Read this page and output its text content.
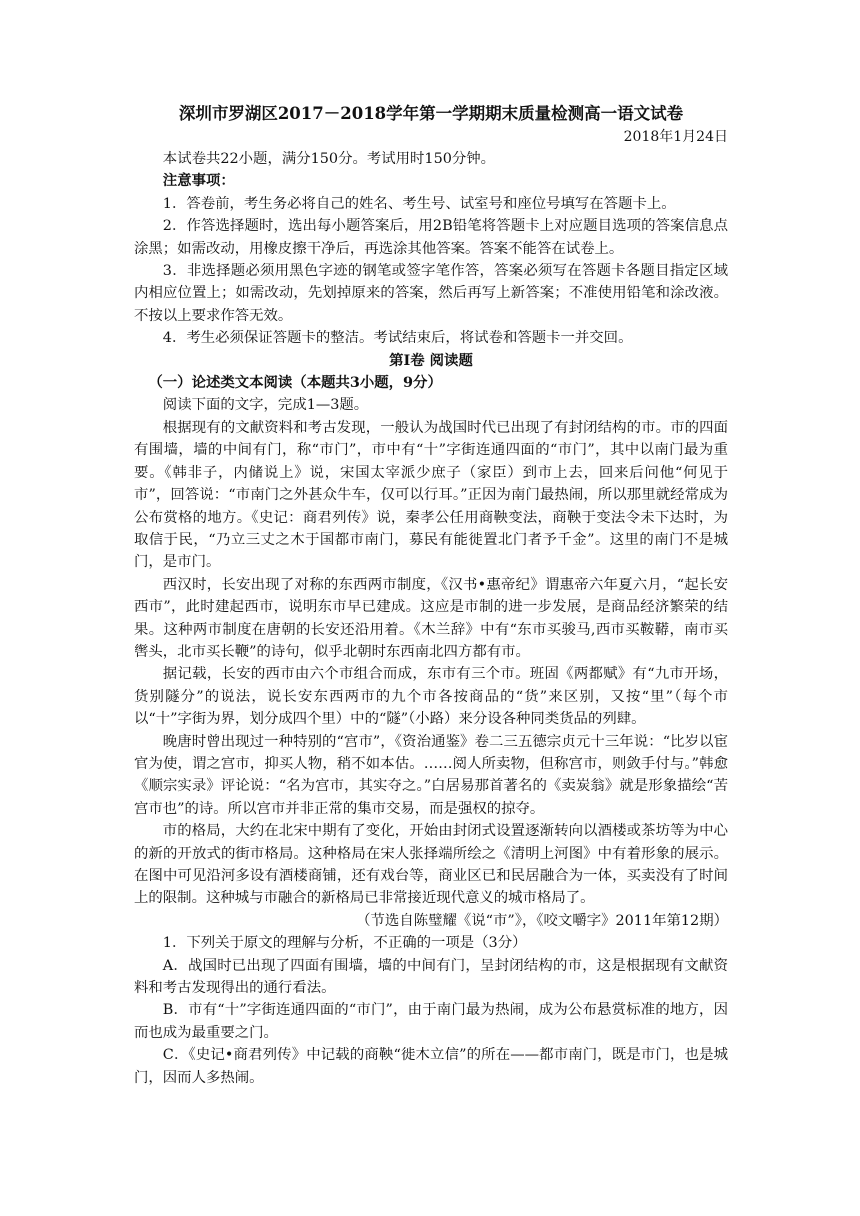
深圳市罗湖区2017－2018学年第一学期期末质量检测高一语文试卷
2018年1月24日

本试卷共22小题，满分150分。考试用时150分钟。

注意事项：

1．答卷前，考生务必将自己的姓名、考生号、试室号和座位号填写在答题卡上。

2．作答选择题时，选出每小题答案后，用2B铅笔将答题卡上对应题目选项的答案信息点涂黑；如需改动，用橡皮擦干净后，再选涂其他答案。答案不能答在试卷上。

3．非选择题必须用黑色字迹的钢笔或签字笔作答，答案必须写在答题卡各题目指定区域内相应位置上；如需改动，先划掉原来的答案，然后再写上新答案；不准使用铅笔和涂改液。不按以上要求作答无效。

4．考生必须保证答题卡的整洁。考试结束后，将试卷和答题卡一并交回。

第I卷 阅读题

（一）论述类文本阅读（本题共3小题，9分）

阅读下面的文字，完成1—3题。

根据现有的文献资料和考古发现，一般认为战国时代已出现了有封闭结构的市。市的四面有围墙，墙的中间有门，称“市门”，市中有“十”字街连通四面的“市门”，其中以南门最为重要。《韩非子，内储说上》说，宋国太宰派少庶子（家臣）到市上去，回来后问他“何见于市”，回答说：“市南门之外甚众牛车，仅可以行耳。”正因为南门最热闹，所以那里就经常成为公布赏格的地方。《史记：商君列传》说，秦孝公任用商鞅变法，商鞅于变法令未下达时，为取信于民，“乃立三丈之木于国都市南门，募民有能徙置北门者予千金”。这里的南门不是城门，是市门。

西汉时，长安出现了对称的东西两市制度，《汉书•惠帝纪》谓惠帝六年夏六月，“起长安西市”，此时建起西市，说明东市早已建成。这应是市制的进一步发展，是商品经济繁荣的结果。这种两市制度在唐朝的长安还沿用着。《木兰辞》中有“东市买骏马,西市买鞍鞯，南市买辔头，北市买长鞭”的诗句，似乎北朝时东西南北四方都有市。

据记载，长安的西市由六个市组合而成，东市有三个市。班固《两都赋》有“九市开场，货别隧分”的说法，说长安东西两市的九个市各按商品的“货”来区别，又按“里”（每个市以“十”字街为界，划分成四个里）中的“隧”（小路）来分设各种同类货品的列肆。

晚唐时曾出现过一种特别的“宫市”，《资治通鉴》卷二三五德宗贞元十三年说：“比岁以宦官为使，谓之宫市，抑买人物，稍不如本估。……阅人所卖物，但称宫市，则敛手付与。”韩愈《顺宗实录》评论说：“名为宫市，其实夺之。”白居易那首著名的《卖炭翁》就是形象描绘“苦宫市也”的诗。所以宫市并非正常的集市交易，而是强权的掠夺。

市的格局，大约在北宋中期有了变化，开始由封闭式设置逐渐转向以酒楼或茶坊等为中心的新的开放式的街市格局。这种格局在宋人张择端所绘之《清明上河图》中有着形象的展示。在图中可见沿河多设有酒楼商铺，还有戏台等，商业区已和民居融合为一体，买卖没有了时间上的限制。这种城与市融合的新格局已非常接近现代意义的城市格局了。

（节选自陈璧耀《说“市”》，《咬文嚼字》2011年第12期）

1．下列关于原文的理解与分析，不正确的一项是（3分）

A．战国时已出现了四面有围墙，墙的中间有门，呈封闭结构的市，这是根据现有文献资料和考古发现得出的通行看法。

B．市有“十”字街连通四面的“市门”，由于南门最为热闹，成为公布悬赏标准的地方，因而也成为最重要之门。

C．《史记•商君列传》中记载的商鞅“徙木立信”的所在——都市南门，既是市门，也是城门，因而人多热闹。
